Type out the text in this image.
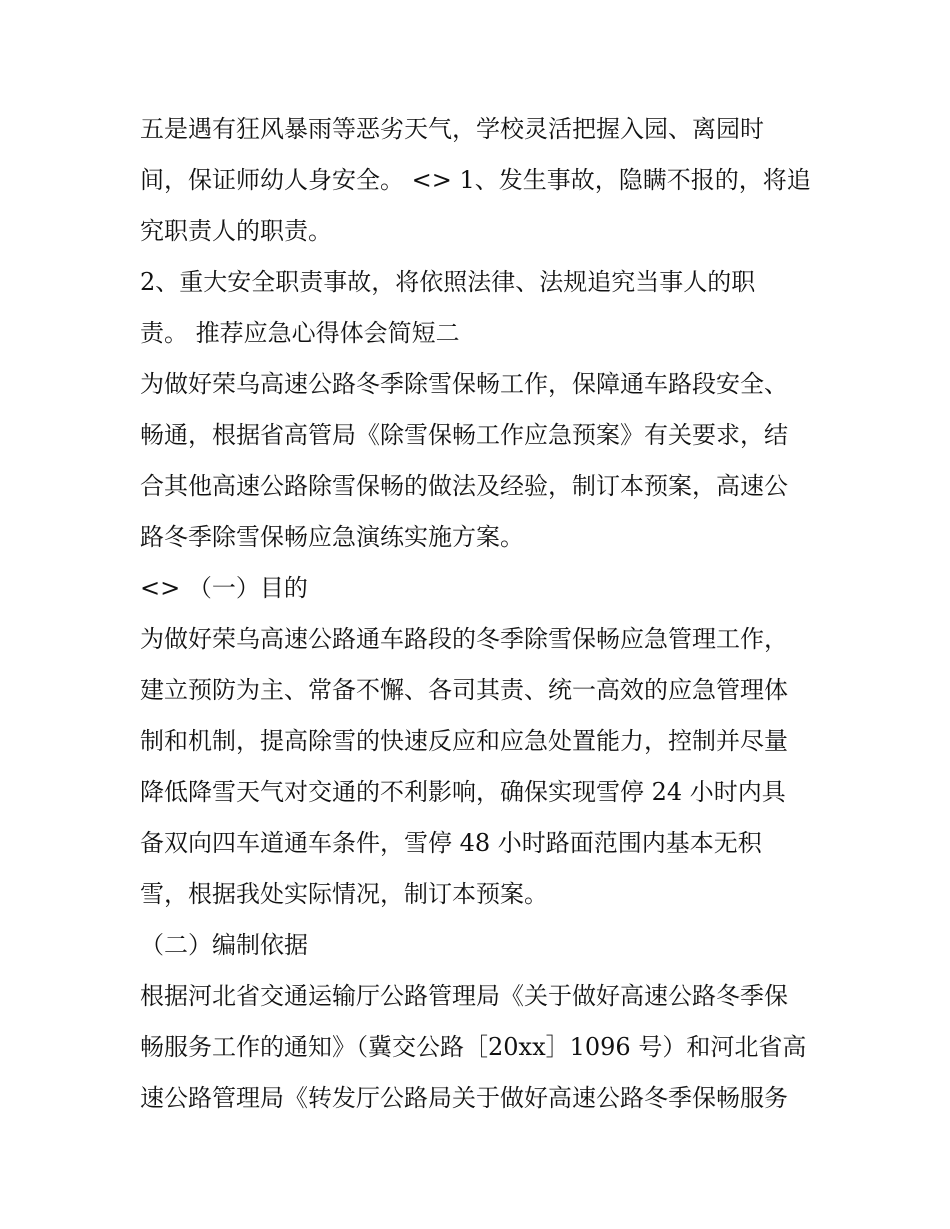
五是遇有狂风暴雨等恶劣天气，学校灵活把握入园、离园时
间，保证师幼人身安全。 <> 1、发生事故，隐瞒不报的，将追
究职责人的职责。
2、重大安全职责事故，将依照法律、法规追究当事人的职
责。 推荐应急心得体会简短二
为做好荣乌高速公路冬季除雪保畅工作，保障通车路段安全、
畅通，根据省高管局《除雪保畅工作应急预案》有关要求，结
合其他高速公路除雪保畅的做法及经验，制订本预案，高速公
路冬季除雪保畅应急演练实施方案。
<> （一）目的
为做好荣乌高速公路通车路段的冬季除雪保畅应急管理工作，
建立预防为主、常备不懈、各司其责、统一高效的应急管理体
制和机制，提高除雪的快速反应和应急处置能力，控制并尽量
降低降雪天气对交通的不利影响，确保实现雪停 24 小时内具
备双向四车道通车条件，雪停 48 小时路面范围内基本无积
雪，根据我处实际情况，制订本预案。
（二）编制依据
根据河北省交通运输厅公路管理局《关于做好高速公路冬季保
畅服务工作的通知》（冀交公路［20xx］1096 号）和河北省高
速公路管理局《转发厅公路局关于做好高速公路冬季保畅服务
